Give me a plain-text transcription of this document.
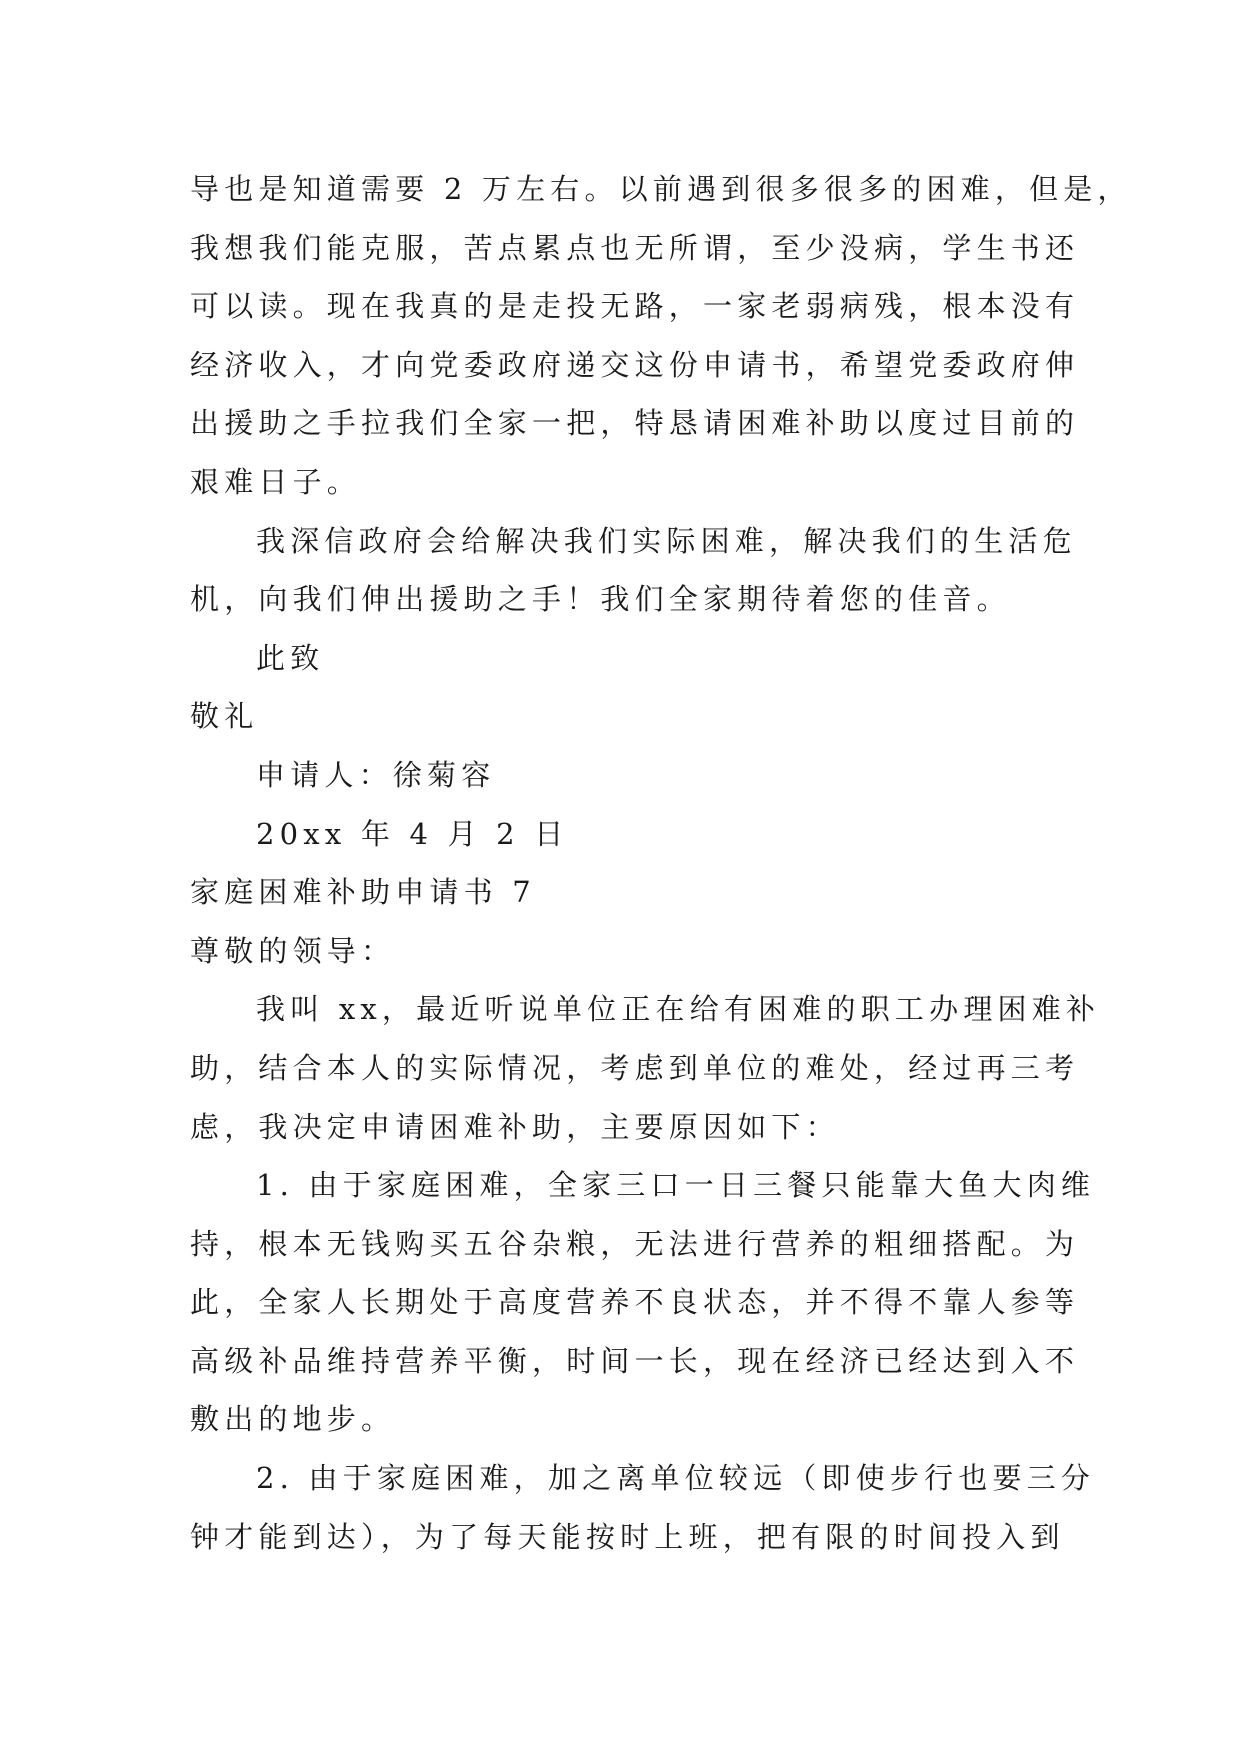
导也是知道需要 2 万左右。以前遇到很多很多的困难，但是，
我想我们能克服，苦点累点也无所谓，至少没病，学生书还
可以读。现在我真的是走投无路，一家老弱病残，根本没有
经济收入，才向党委政府递交这份申请书，希望党委政府伸
出援助之手拉我们全家一把，特恳请困难补助以度过目前的
艰难日子。
我深信政府会给解决我们实际困难，解决我们的生活危
机，向我们伸出援助之手！我们全家期待着您的佳音。
此致
敬礼
申请人：徐菊容
20xx 年 4 月 2 日
家庭困难补助申请书 7
尊敬的领导：
我叫 xx，最近听说单位正在给有困难的职工办理困难补
助，结合本人的实际情况，考虑到单位的难处，经过再三考
虑，我决定申请困难补助，主要原因如下：
1. 由于家庭困难，全家三口一日三餐只能靠大鱼大肉维
持，根本无钱购买五谷杂粮，无法进行营养的粗细搭配。为
此，全家人长期处于高度营养不良状态，并不得不靠人参等
高级补品维持营养平衡，时间一长，现在经济已经达到入不
敷出的地步。
2. 由于家庭困难，加之离单位较远（即使步行也要三分
钟才能到达），为了每天能按时上班，把有限的时间投入到
